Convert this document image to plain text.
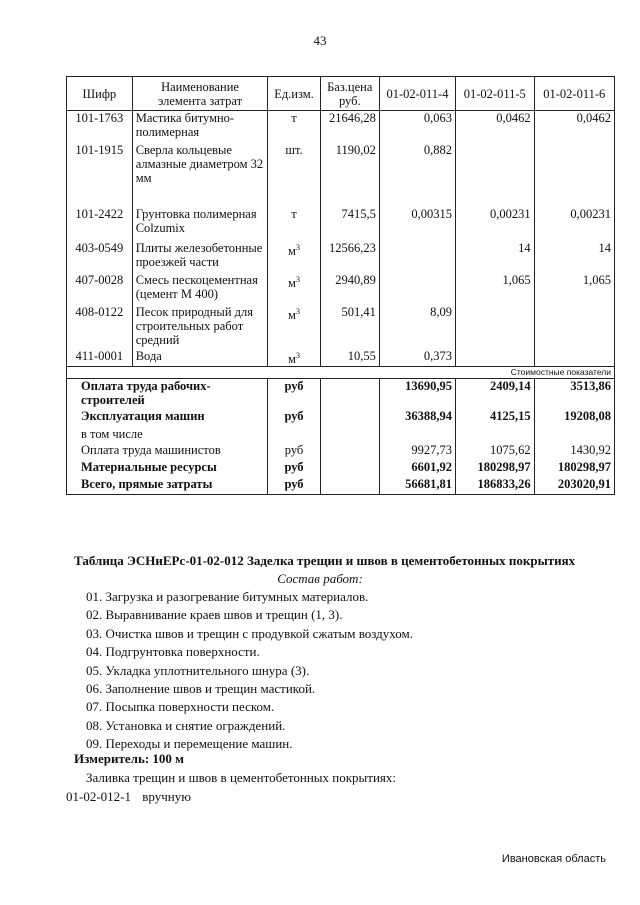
43
Шифр	Наименование элемента затрат	Ед.изм.	Баз.цена руб.	01-02-011-4	01-02-011-5	01-02-011-6
101-1763	Мастика битумно-полимерная	т	21646,28	0,063	0,0462	0,0462
101-1915	Сверла кольцевые алмазные диаметром 32 мм	шт.	1190,02	0,882		
101-2422	Грунтовка полимерная Colzumix	т	7415,5	0,00315	0,00231	0,00231
403-0549	Плиты железобетонные проезжей части	$м^3$	12566,23		14	14
407-0028	Смесь пескоцементная (цемент М 400)	$м^3$	2940,89		1,065	1,065
408-0122	Песок природный для строительных работ средний	$м^3$	501,41	8,09		
411-0001	Вода	$м^3$	10,55	0,373		
Стоимостные показатели						
Оплата труда рабочих-строителей		руб		13690,95	2409,14	3513,86
Эксплуатация машин		руб		36388,94	4125,15	19208,08
в том числе						
Оплата труда машинистов		руб		9927,73	1075,62	1430,92
Материальные ресурсы		руб		6601,92	180298,97	180298,97
Всего, прямые затраты		руб		56681,81	186833,26	203020,91
Таблица ЭСНиЕРс-01-02-012 Заделка трещин и швов в цементобетонных покрытиях
Состав работ:
01. Загрузка и разогревание битумных материалов.
02. Выравнивание краев швов и трещин (1, 3).
03. Очистка швов и трещин с продувкой сжатым воздухом.
04. Подгрунтовка поверхности.
05. Укладка уплотнительного шнура (3).
06. Заполнение швов и трещин мастикой.
07. Посыпка поверхности песком.
08. Установка и снятие ограждений.
09. Переходы и перемещение машин.
Измеритель: 100 м
Заливка трещин и швов в цементобетонных покрытиях:
01-02-012-1 вручную
Ивановская область
